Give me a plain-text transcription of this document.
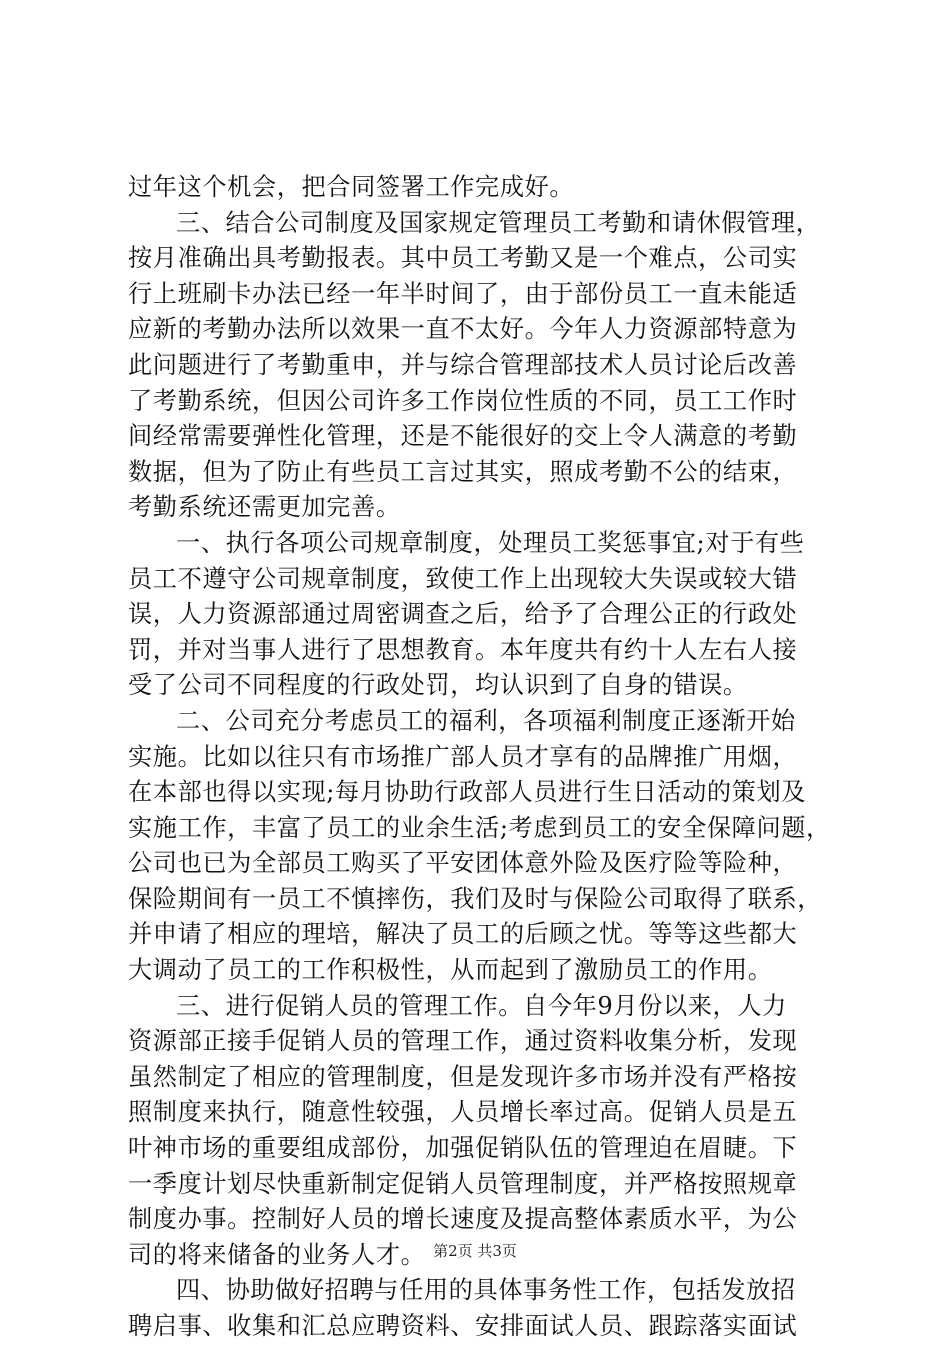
过年这个机会，把合同签署工作完成好。
三、结合公司制度及国家规定管理员工考勤和请休假管理，
按月准确出具考勤报表。其中员工考勤又是一个难点，公司实
行上班刷卡办法已经一年半时间了，由于部份员工一直未能适
应新的考勤办法所以效果一直不太好。今年人力资源部特意为
此问题进行了考勤重申，并与综合管理部技术人员讨论后改善
了考勤系统，但因公司许多工作岗位性质的不同，员工工作时
间经常需要弹性化管理，还是不能很好的交上令人满意的考勤
数据，但为了防止有些员工言过其实，照成考勤不公的结束，
考勤系统还需更加完善。
一、执行各项公司规章制度，处理员工奖惩事宜;对于有些
员工不遵守公司规章制度，致使工作上出现较大失误或较大错
误，人力资源部通过周密调查之后，给予了合理公正的行政处
罚，并对当事人进行了思想教育。本年度共有约十人左右人接
受了公司不同程度的行政处罚，均认识到了自身的错误。
二、公司充分考虑员工的福利，各项福利制度正逐渐开始
实施。比如以往只有市场推广部人员才享有的品牌推广用烟，
在本部也得以实现;每月协助行政部人员进行生日活动的策划及
实施工作，丰富了员工的业余生活;考虑到员工的安全保障问题，
公司也已为全部员工购买了平安团体意外险及医疗险等险种，
保险期间有一员工不慎摔伤，我们及时与保险公司取得了联系，
并申请了相应的理培，解决了员工的后顾之忧。等等这些都大
大调动了员工的工作积极性，从而起到了激励员工的作用。
三、进行促销人员的管理工作。自今年9月份以来，人力
资源部正接手促销人员的管理工作，通过资料收集分析，发现
虽然制定了相应的管理制度，但是发现许多市场并没有严格按
照制度来执行，随意性较强，人员增长率过高。促销人员是五
叶神市场的重要组成部份，加强促销队伍的管理迫在眉睫。下
一季度计划尽快重新制定促销人员管理制度，并严格按照规章
制度办事。控制好人员的增长速度及提高整体素质水平，为公
司的将来储备的业务人才。
四、协助做好招聘与任用的具体事务性工作，包括发放招
聘启事、收集和汇总应聘资料、安排面试人员、跟踪落实面试
第2页 共3页
